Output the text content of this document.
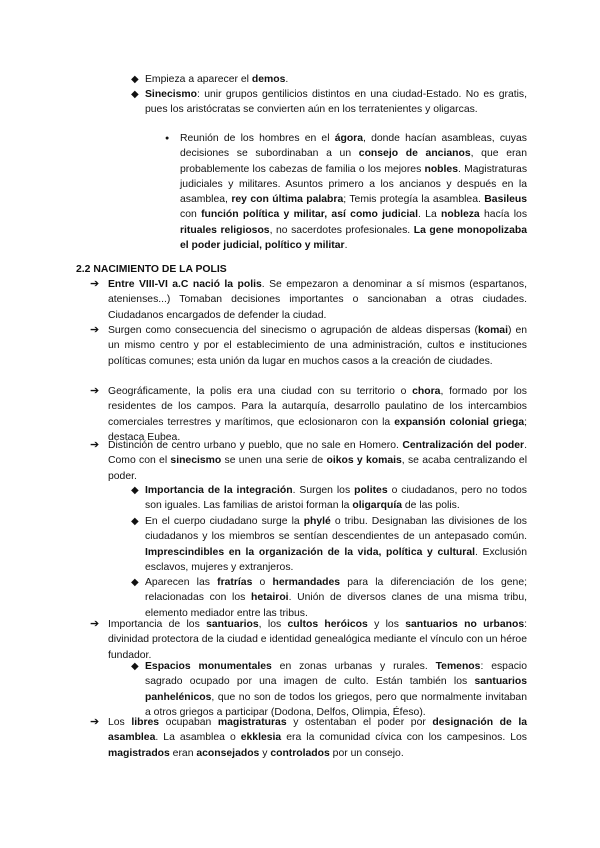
◆ Empieza a aparecer el demos.

◆ Sinecismo: unir grupos gentilicios distintos en una ciudad-Estado. No es gratis, pues los aristócratas se convierten aún en los terratenientes y oligarcas.

● Reunión de los hombres en el ágora, donde hacían asambleas, cuyas decisiones se subordinaban a un consejo de ancianos, que eran probablemente los cabezas de familia o los mejores nobles. Magistraturas judiciales y militares. Asuntos primero a los ancianos y después en la asamblea, rey con última palabra; Temis protegía la asamblea. Basileus con función política y militar, así como judicial. La nobleza hacía los rituales religiosos, no sacerdotes profesionales. La gene monopolizaba el poder judicial, político y militar.

2.2 NACIMIENTO DE LA POLIS
➔ Entre VIII-VI a.C nació la polis. Se empezaron a denominar a sí mismos (espartanos, atenienses...) Tomaban decisiones importantes o sancionaban a otras ciudades. Ciudadanos encargados de defender la ciudad.

➔ Surgen como consecuencia del sinecismo o agrupación de aldeas dispersas (komai) en un mismo centro y por el establecimiento de una administración, cultos e instituciones políticas comunes; esta unión da lugar en muchos casos a la creación de ciudades.

➔ Geográficamente, la polis era una ciudad con su territorio o chora, formado por los residentes de los campos. Para la autarquía, desarrollo paulatino de los intercambios comerciales terrestres y marítimos, que eclosionaron con la expansión colonial griega; destaca Eubea.

➔ Distinción de centro urbano y pueblo, que no sale en Homero. Centralización del poder. Como con el sinecismo se unen una serie de oikos y komais, se acaba centralizando el poder.

◆ Importancia de la integración. Surgen los polites o ciudadanos, pero no todos son iguales. Las familias de aristoi forman la oligarquía de las polis.

◆ En el cuerpo ciudadano surge la phylé o tribu. Designaban las divisiones de los ciudadanos y los miembros se sentían descendientes de un antepasado común. Imprescindibles en la organización de la vida, política y cultural. Exclusión esclavos, mujeres y extranjeros.

◆ Aparecen las fratrías o hermandades para la diferenciación de los gene; relacionadas con los hetairoi. Unión de diversos clanes de una misma tribu, elemento mediador entre las tribus.

➔ Importancia de los santuarios, los cultos heróicos y los santuarios no urbanos: divinidad protectora de la ciudad e identidad genealógica mediante el vínculo con un héroe fundador.

◆ Espacios monumentales en zonas urbanas y rurales. Temenos: espacio sagrado ocupado por una imagen de culto. Están también los santuarios panhelénicos, que no son de todos los griegos, pero que normalmente invitaban a otros griegos a participar (Dodona, Delfos, Olimpia, Éfeso).

➔ Los libres ocupaban magistraturas y ostentaban el poder por designación de la asamblea. La asamblea o ekklesia era la comunidad cívica con los campesinos. Los magistrados eran aconsejados y controlados por un consejo.
